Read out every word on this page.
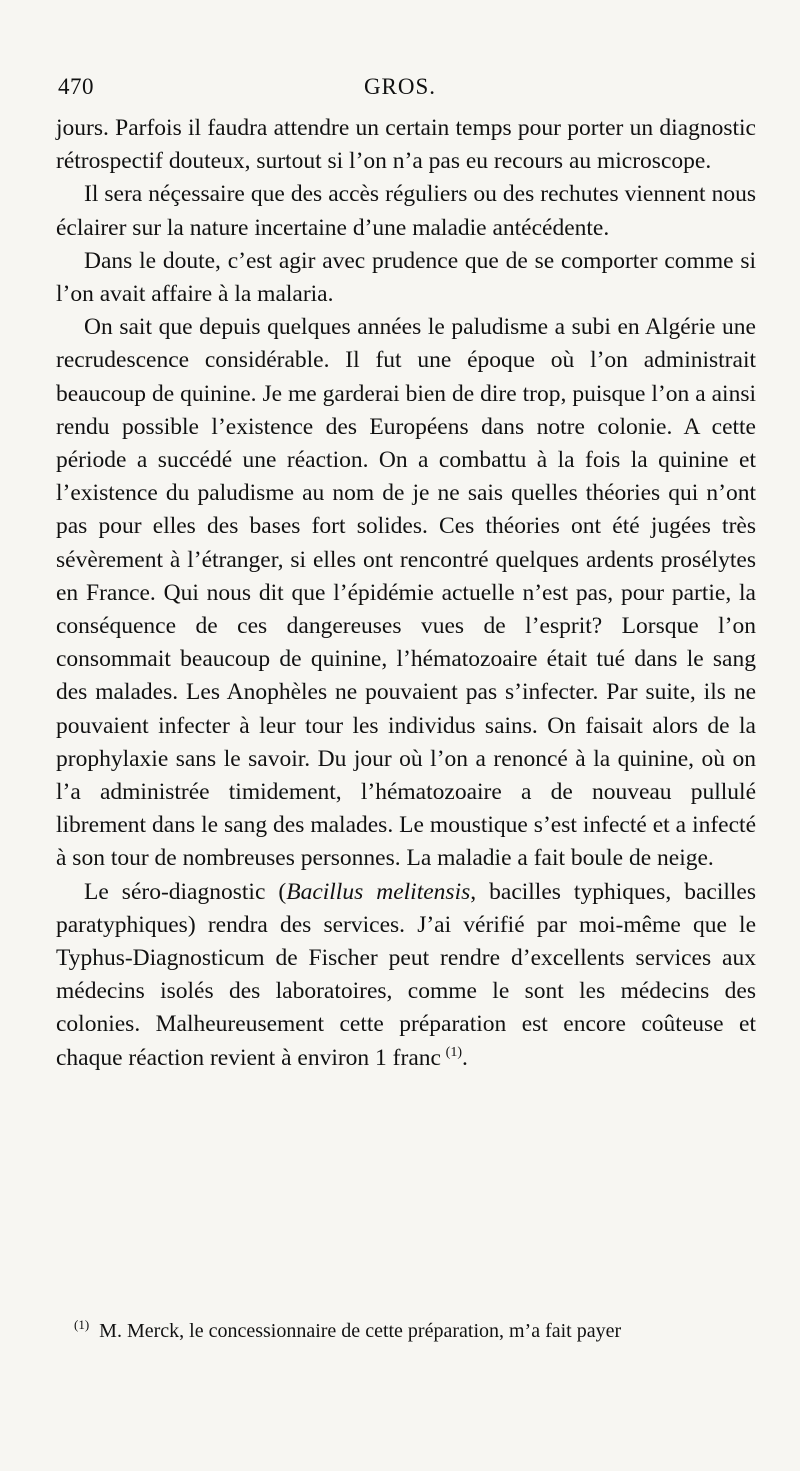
470	GROS.

jours. Parfois il faudra attendre un certain temps pour porter un diagnostic rétrospectif douteux, surtout si l’on n’a pas eu recours au microscope.

Il sera néçessaire que des accès réguliers ou des rechutes viennent nous éclairer sur la nature incertaine d’une maladie antécédente.

Dans le doute, c’est agir avec prudence que de se comporter comme si l’on avait affaire à la malaria.

On sait que depuis quelques années le paludisme a subi en Algérie une recrudescence considérable. Il fut une époque où l’on administrait beaucoup de quinine. Je me garderai bien de dire trop, puisque l’on a ainsi rendu possible l’existence des Européens dans notre colonie. A cette période a succédé une réaction. On a combattu à la fois la quinine et l’existence du paludisme au nom de je ne sais quelles théories qui n’ont pas pour elles des bases fort solides. Ces théories ont été jugées très sévèrement à l’étranger, si elles ont rencontré quelques ardents prosélytes en France. Qui nous dit que l’épidémie actuelle n’est pas, pour partie, la conséquence de ces dangereuses vues de l’esprit? Lorsque l’on consommait beaucoup de quinine, l’hématozoaire était tué dans le sang des malades. Les Anophèles ne pouvaient pas s’infecter. Par suite, ils ne pouvaient infecter à leur tour les individus sains. On faisait alors de la prophylaxie sans le savoir. Du jour où l’on a renoncé à la quinine, où on l’a administrée timidement, l’hématozoaire a de nouveau pullulé librement dans le sang des malades. Le moustique s’est infecté et a infecté à son tour de nombreuses personnes. La maladie a fait boule de neige.

Le séro-diagnostic (Bacillus melitensis, bacilles typhiques, bacilles paratyphiques) rendra des services. J’ai vérifié par moi-même que le Typhus-Diagnosticum de Fischer peut rendre d’excellents services aux médecins isolés des laboratoires, comme le sont les médecins des colonies. Malheureusement cette préparation est encore coûteuse et chaque réaction revient à environ 1 franc  $^{(1)}$.

$^{(1)}$ M. Merck, le concessionnaire de cette préparation, m’a fait payer
